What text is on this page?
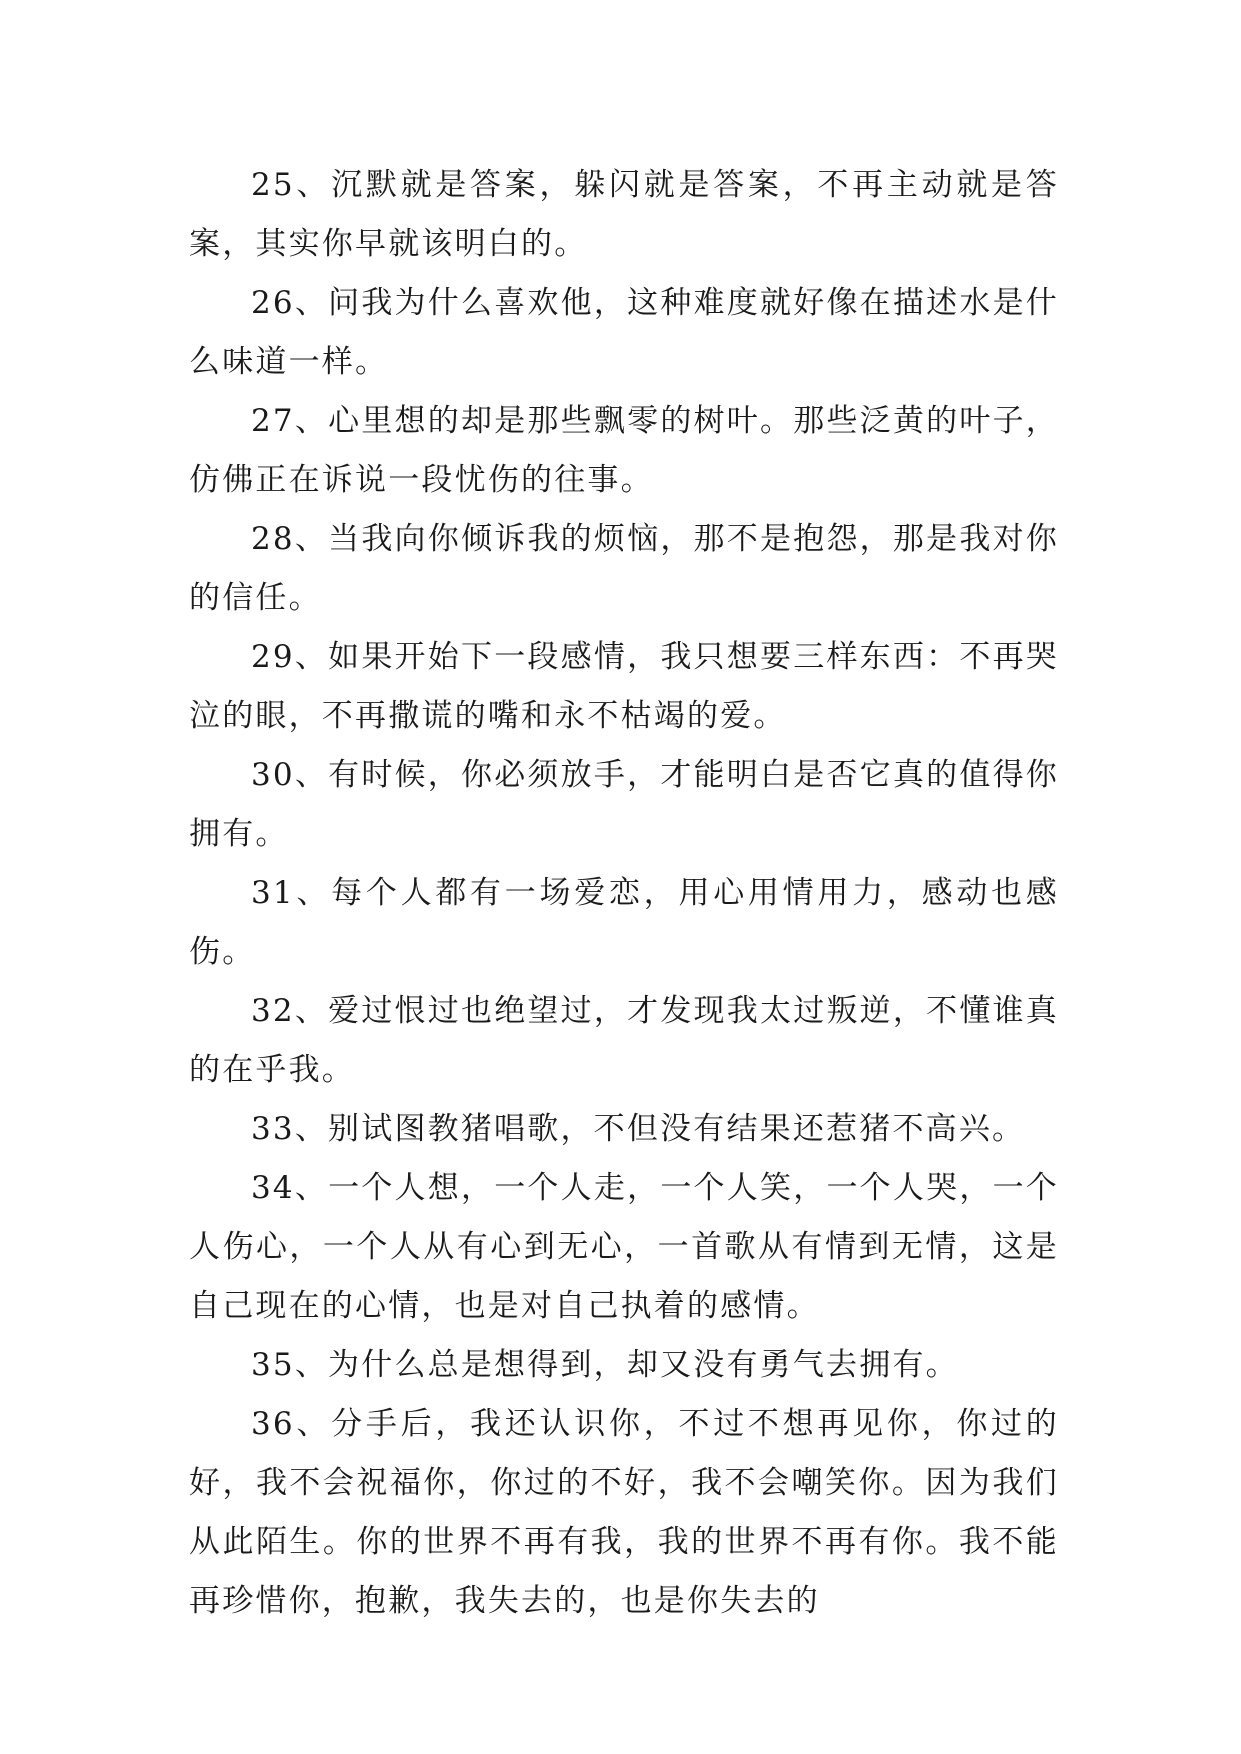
25、沉默就是答案，躲闪就是答案，不再主动就是答案，其实你早就该明白的。

26、问我为什么喜欢他，这种难度就好像在描述水是什么味道一样。

27、心里想的却是那些飘零的树叶。那些泛黄的叶子，仿佛正在诉说一段忧伤的往事。

28、当我向你倾诉我的烦恼，那不是抱怨，那是我对你的信任。

29、如果开始下一段感情，我只想要三样东西：不再哭泣的眼，不再撒谎的嘴和永不枯竭的爱。

30、有时候，你必须放手，才能明白是否它真的值得你拥有。

31、每个人都有一场爱恋，用心用情用力，感动也感伤。

32、爱过恨过也绝望过，才发现我太过叛逆，不懂谁真的在乎我。

33、别试图教猪唱歌，不但没有结果还惹猪不高兴。

34、一个人想，一个人走，一个人笑，一个人哭，一个人伤心，一个人从有心到无心，一首歌从有情到无情，这是自己现在的心情，也是对自己执着的感情。

35、为什么总是想得到，却又没有勇气去拥有。

36、分手后，我还认识你，不过不想再见你，你过的好，我不会祝福你，你过的不好，我不会嘲笑你。因为我们从此陌生。你的世界不再有我，我的世界不再有你。我不能再珍惜你，抱歉，我失去的，也是你失去的
